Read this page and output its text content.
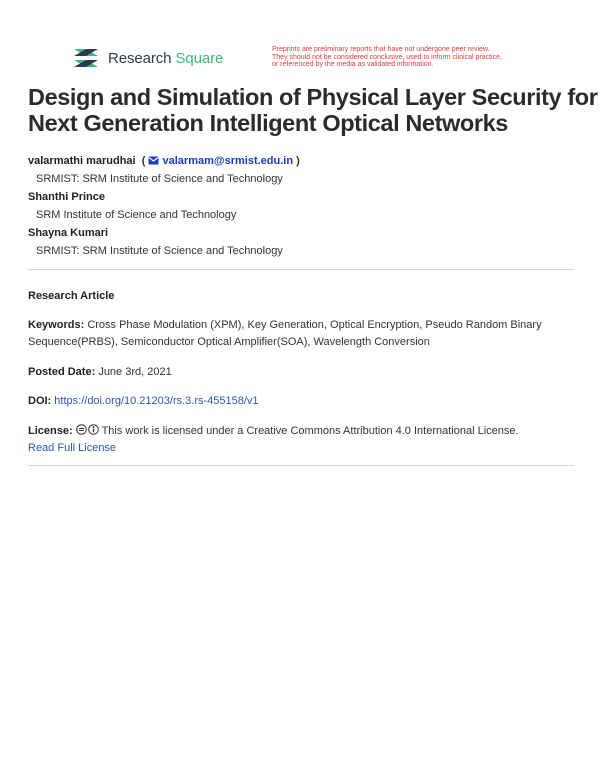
Research Square	Preprints are preliminary reports that have not undergone peer review.
They should not be considered conclusive, used to inform clinical practice,
or referenced by the media as validated information.
Design and Simulation of Physical Layer Security for
Next Generation Intelligent Optical Networks
valarmathi marudhai  ( valarmam@srmist.edu.in )
SRMIST: SRM Institute of Science and Technology
Shanthi Prince
SRM Institute of Science and Technology
Shayna Kumari
SRMIST: SRM Institute of Science and Technology
Research Article
Keywords: Cross Phase Modulation (XPM), Key Generation, Optical Encryption, Pseudo Random Binary Sequence(PRBS), Semiconductor Optical Amplifier(SOA), Wavelength Conversion
Posted Date: June 3rd, 2021
DOI: https://doi.org/10.21203/rs.3.rs-455158/v1
License:	This work is licensed under a Creative Commons Attribution 4.0 International License.
Read Full License
